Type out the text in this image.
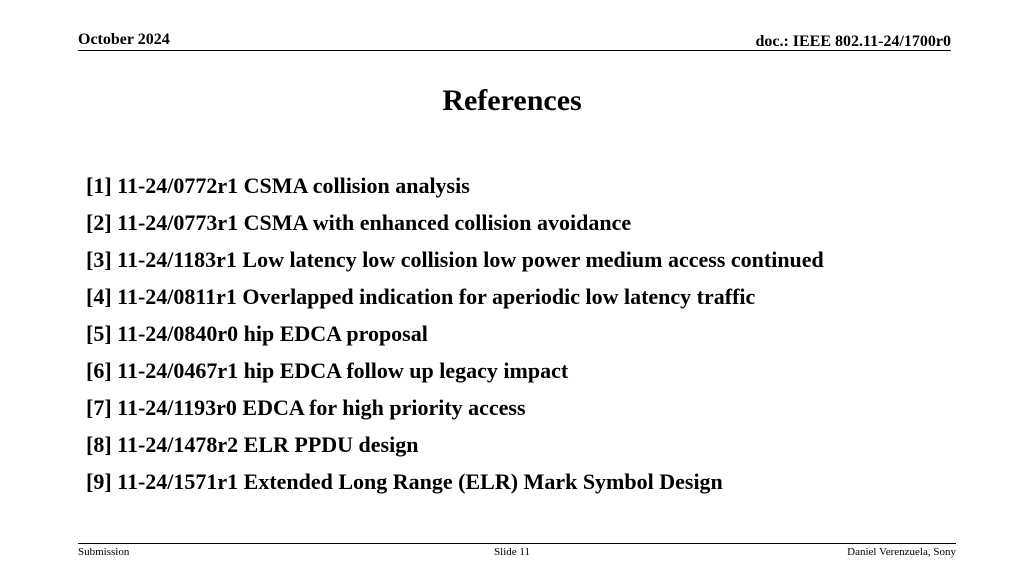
October 2024	doc.: IEEE 802.11-24/1700r0
References
[1] 11-24/0772r1 CSMA collision analysis
[2] 11-24/0773r1 CSMA with enhanced collision avoidance
[3] 11-24/1183r1 Low latency low collision low power medium access continued
[4] 11-24/0811r1 Overlapped indication for aperiodic low latency traffic
[5] 11-24/0840r0 hip EDCA proposal
[6] 11-24/0467r1 hip EDCA follow up legacy impact
[7] 11-24/1193r0 EDCA for high priority access
[8] 11-24/1478r2 ELR PPDU design
[9] 11-24/1571r1 Extended Long Range (ELR) Mark Symbol Design
Submission	Slide 11	Daniel Verenzuela, Sony
